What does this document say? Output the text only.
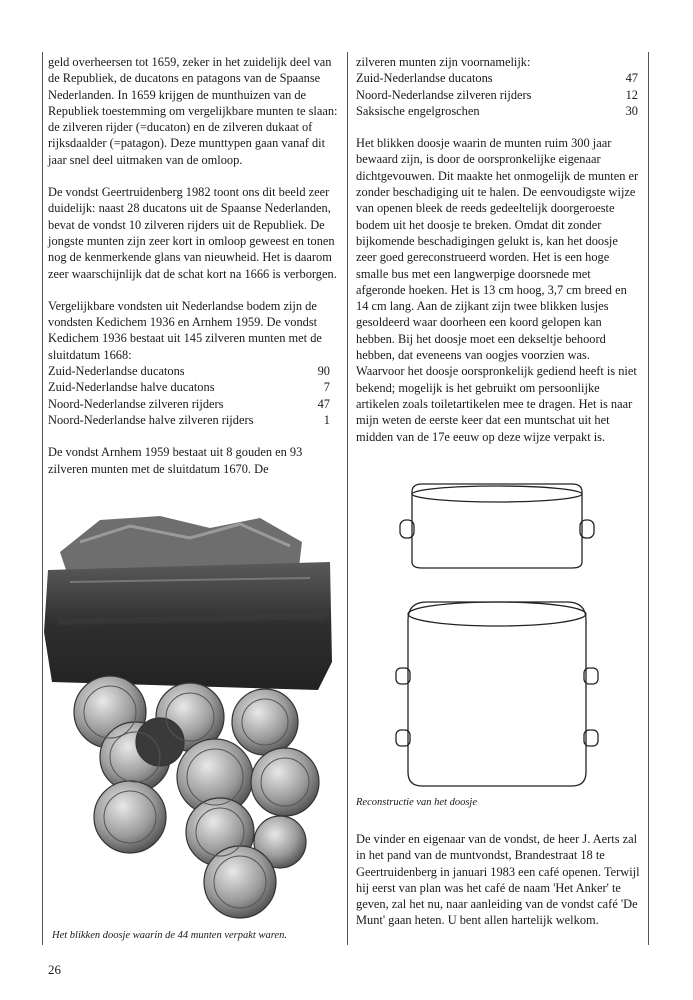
geld overheersen tot 1659, zeker in het zuidelijk deel van de Republiek, de ducatons en patagons van de Spaanse Nederlanden. In 1659 krijgen de munthuizen van de Republiek toestemming om vergelijkbare munten te slaan: de zilveren rijder (=ducaton) en de zilveren dukaat of rijksdaalder (=patagon). Deze munttypen gaan vanaf dit jaar snel deel uitmaken van de omloop.

De vondst Geertruidenberg 1982 toont ons dit beeld zeer duidelijk: naast 28 ducatons uit de Spaanse Nederlanden, bevat de vondst 10 zilveren rijders uit de Republiek. De jongste munten zijn zeer kort in omloop geweest en tonen nog de kenmerkende glans van nieuwheid. Het is daarom zeer waarschijnlijk dat de schat kort na 1666 is verborgen.

Vergelijkbare vondsten uit Nederlandse bodem zijn de vondsten Kedichem 1936 en Arnhem 1959. De vondst Kedichem 1936 bestaat uit 145 zilveren munten met de sluitdatum 1668:

Zuid-Nederlandse ducatons	90
Zuid-Nederlandse halve ducatons	7
Noord-Nederlandse zilveren rijders	47
Noord-Nederlandse halve zilveren rijders	1

De vondst Arnhem 1959 bestaat uit 8 gouden en 93 zilveren munten met de sluitdatum 1670. De

zilveren munten zijn voornamelijk:

Zuid-Nederlandse ducatons	47
Noord-Nederlandse zilveren rijders	12
Saksische engelgroschen	30

Het blikken doosje waarin de munten ruim 300 jaar bewaard zijn, is door de oorspronkelijke eigenaar dichtgevouwen. Dit maakte het onmogelijk de munten er zonder beschadiging uit te halen. De eenvoudigste wijze van openen bleek de reeds gedeeltelijk doorgeroeste bodem uit het doosje te breken. Omdat dit zonder bijkomende beschadigingen gelukt is, kan het doosje zeer goed gereconstrueerd worden. Het is een hoge smalle bus met een langwerpige doorsnede met afgeronde hoeken. Het is 13 cm hoog, 3,7 cm breed en 14 cm lang. Aan de zijkant zijn twee blikken lusjes gesoldeerd waar doorheen een koord gelopen kan hebben. Bij het doosje moet een dekseltje behoord hebben, dat eveneens van oogjes voorzien was. Waarvoor het doosje oorspronkelijk gediend heeft is niet bekend; mogelijk is het gebruikt om persoonlijke artikelen zoals toiletartikelen mee te dragen. Het is naar mijn weten de eerste keer dat een muntschat uit het midden van de 17e eeuw op deze wijze verpakt is.

Het blikken doosje waarin de 44 munten verpakt waren.
Reconstructie van het doosje
De vinder en eigenaar van de vondst, de heer J. Aerts zal in het pand van de muntvondst, Brandestraat 18 te Geertruidenberg in januari 1983 een café openen. Terwijl hij eerst van plan was het café de naam 'Het Anker' te geven, zal het nu, naar aanleiding van de vondst café 'De Munt' gaan heten. U bent allen hartelijk welkom.
26
